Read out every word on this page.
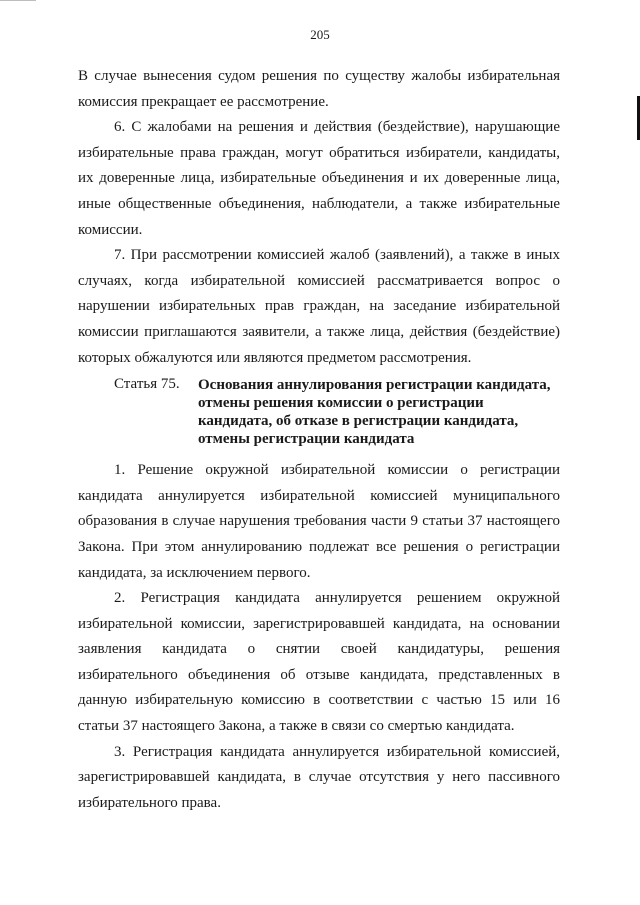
205

В случае вынесения судом решения по существу жалобы избирательная комиссия прекращает ее рассмотрение.

6. С жалобами на решения и действия (бездействие), нарушающие избирательные права граждан, могут обратиться избиратели, кандидаты, их доверенные лица, избирательные объединения и их доверенные лица, иные общественные объединения, наблюдатели, а также избирательные комиссии.

7. При рассмотрении комиссией жалоб (заявлений), а также в иных случаях, когда избирательной комиссией рассматривается вопрос о нарушении избирательных прав граждан, на заседание избирательной комиссии приглашаются заявители, а также лица, действия (бездействие) которых обжалуются или являются предметом рассмотрения.

Статья 75.	Основания аннулирования регистрации кандидата, отмены решения комиссии о регистрации кандидата, об отказе в регистрации кандидата, отмены регистрации кандидата

1. Решение окружной избирательной комиссии о регистрации кандидата аннулируется избирательной комиссией муниципального образования в случае нарушения требования части 9 статьи 37 настоящего Закона. При этом аннулированию подлежат все решения о регистрации кандидата, за исключением первого.

2. Регистрация кандидата аннулируется решением окружной избирательной комиссии, зарегистрировавшей кандидата, на основании заявления кандидата о снятии своей кандидатуры, решения избирательного объединения об отзыве кандидата, представленных в данную избирательную комиссию в соответствии с частью 15 или 16 статьи 37 настоящего Закона, а также в связи со смертью кандидата.

3. Регистрация кандидата аннулируется избирательной комиссией, зарегистрировавшей кандидата, в случае отсутствия у него пассивного избирательного права.
